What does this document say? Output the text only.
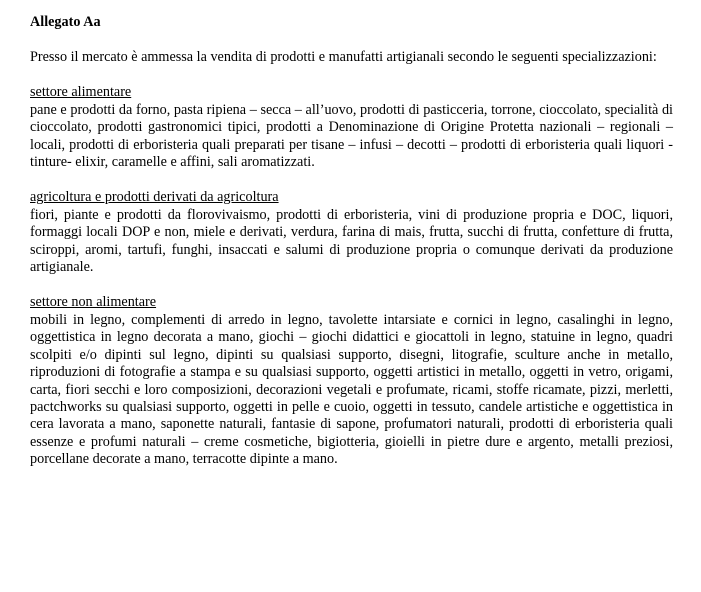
Allegato Aa

Presso il mercato è ammessa la vendita di prodotti e manufatti artigianali secondo le seguenti specializzazioni:

settore alimentare

pane e prodotti da forno, pasta ripiena – secca – all’uovo, prodotti di pasticceria, torrone, cioccolato, specialità di cioccolato, prodotti gastronomici tipici, prodotti a Denominazione di Origine Protetta nazionali – regionali – locali, prodotti di erboristeria quali preparati per tisane – infusi – decotti – prodotti di erboristeria quali liquori - tinture- elixir, caramelle e affini, sali aromatizzati.

agricoltura e prodotti derivati da agricoltura

fiori, piante e prodotti da florovivaismo, prodotti di erboristeria, vini di produzione propria e DOC, liquori, formaggi locali DOP e non, miele e derivati, verdura, farina di mais, frutta, succhi di frutta, confetture di frutta, sciroppi, aromi, tartufi, funghi, insaccati e salumi di produzione propria o comunque derivati da produzione artigianale.

settore non alimentare

mobili in legno, complementi di arredo in legno, tavolette intarsiate e cornici in legno, casalinghi in legno, oggettistica in legno decorata a mano, giochi – giochi didattici e giocattoli in legno, statuine in legno, quadri scolpiti e/o dipinti sul legno, dipinti su qualsiasi supporto, disegni, litografie, sculture anche in metallo, riproduzioni di fotografie a stampa e su qualsiasi supporto, oggetti artistici in metallo, oggetti in vetro, origami, carta, fiori secchi e loro composizioni, decorazioni vegetali e profumate, ricami, stoffe ricamate, pizzi, merletti, pactchworks su qualsiasi supporto, oggetti in pelle e cuoio, oggetti in tessuto, candele artistiche e oggettistica in cera lavorata a mano, saponette naturali, fantasie di sapone, profumatori naturali, prodotti di erboristeria quali essenze e profumi naturali – creme cosmetiche, bigiotteria, gioielli in pietre dure e argento, metalli preziosi, porcellane decorate a mano, terracotte dipinte a mano.
